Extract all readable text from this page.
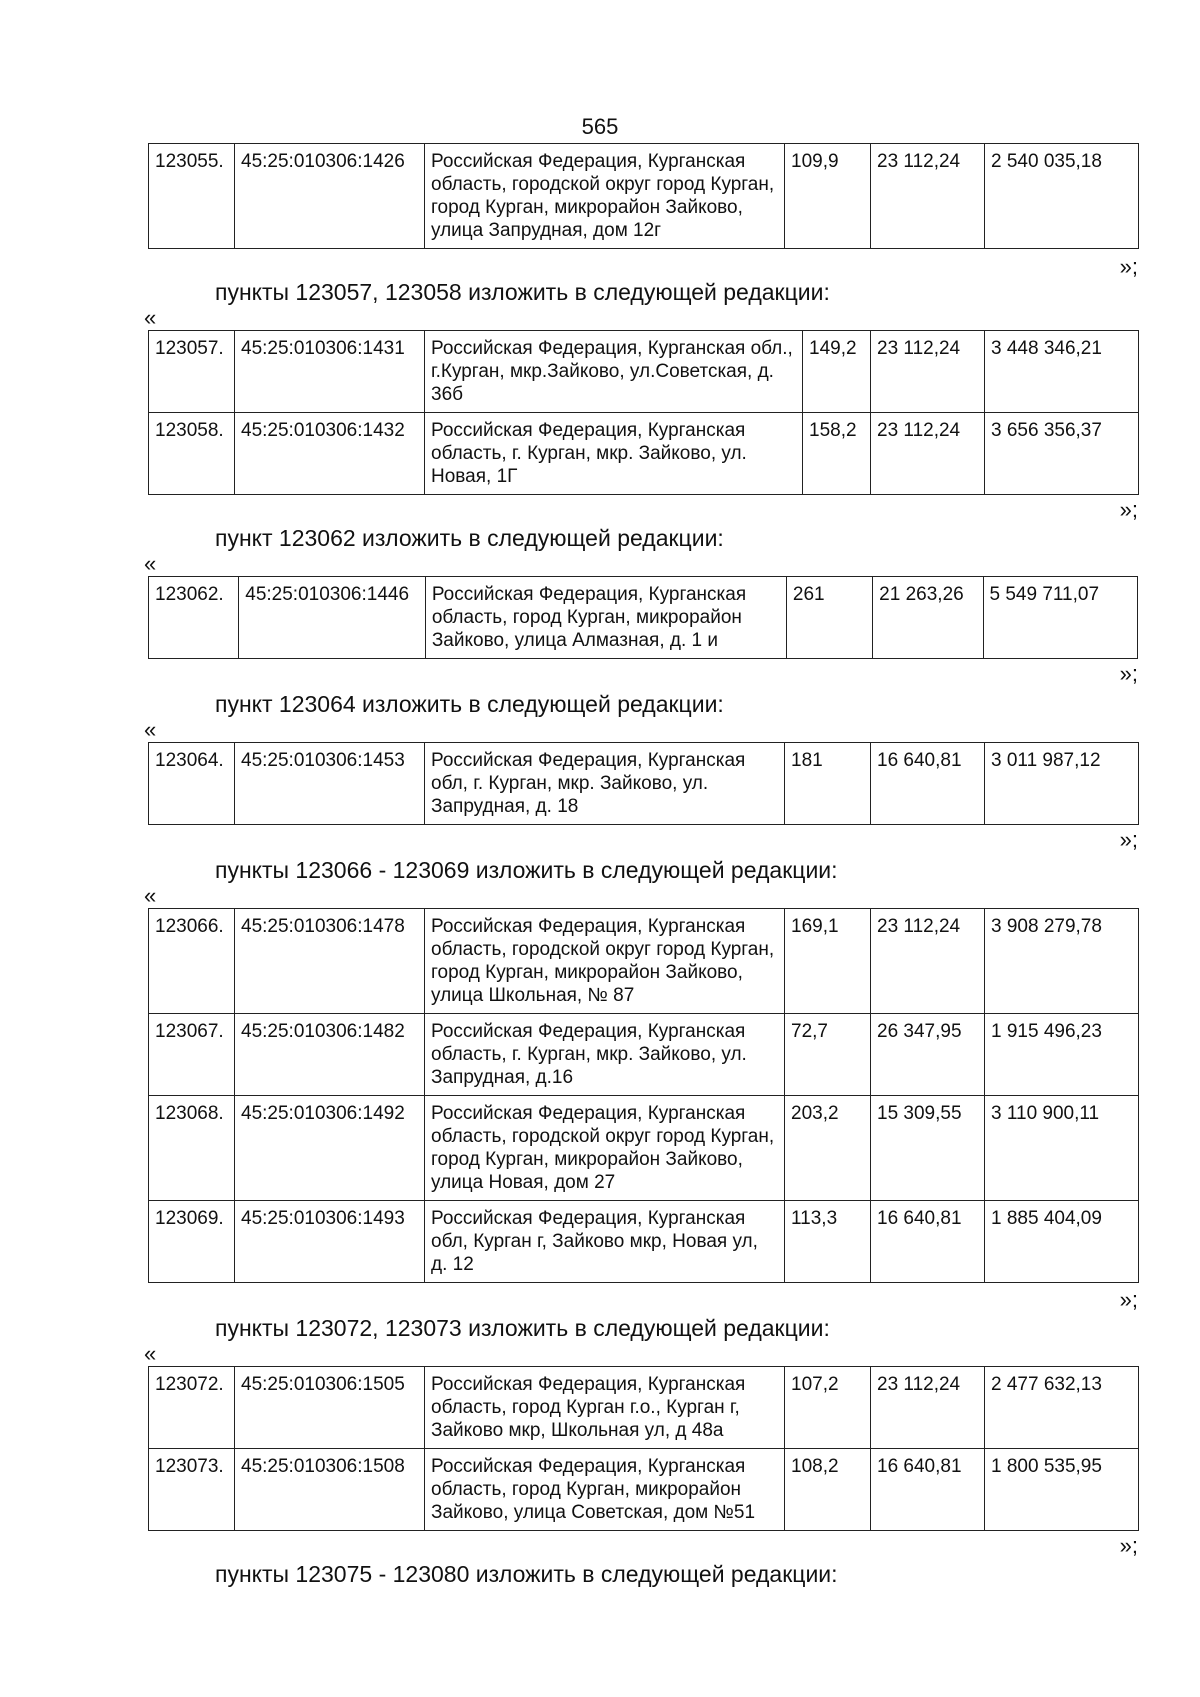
565
123055.	45:25:010306:1426	Российская Федерация, Курганская область, городской округ город Курган, город Курган, микрорайон Зайково, улица Запрудная, дом 12г	109,9	23 112,24	2 540 035,18
»;
пункты 123057, 123058 изложить в следующей редакции:
«
123057.	45:25:010306:1431	Российская Федерация, Курганская обл., г.Курган, мкр.Зайково, ул.Советская, д. 36б	149,2	23 112,24	3 448 346,21
123058.	45:25:010306:1432	Российская Федерация, Курганская область, г. Курган, мкр. Зайково, ул. Новая, 1Г	158,2	23 112,24	3 656 356,37
»;
пункт 123062 изложить в следующей редакции:
«
123062.	45:25:010306:1446	Российская Федерация, Курганская область, город Курган, микрорайон Зайково, улица Алмазная, д. 1 и	261	21 263,26	5 549 711,07
»;
пункт 123064 изложить в следующей редакции:
«
123064.	45:25:010306:1453	Российская Федерация, Курганская обл, г. Курган, мкр. Зайково, ул. Запрудная, д. 18	181	16 640,81	3 011 987,12
»;
пункты 123066 - 123069 изложить в следующей редакции:
«
123066.	45:25:010306:1478	Российская Федерация, Курганская область, городской округ город Курган, город Курган, микрорайон Зайково, улица Школьная, № 87	169,1	23 112,24	3 908 279,78
123067.	45:25:010306:1482	Российская Федерация, Курганская область, г. Курган, мкр. Зайково, ул. Запрудная, д.16	72,7	26 347,95	1 915 496,23
123068.	45:25:010306:1492	Российская Федерация, Курганская область, городской округ город Курган, город Курган, микрорайон Зайково, улица Новая, дом 27	203,2	15 309,55	3 110 900,11
123069.	45:25:010306:1493	Российская Федерация, Курганская обл, Курган г, Зайково мкр, Новая ул, д. 12	113,3	16 640,81	1 885 404,09
»;
пункты 123072, 123073 изложить в следующей редакции:
«
123072.	45:25:010306:1505	Российская Федерация, Курганская область, город Курган г.о., Курган г, Зайково мкр, Школьная ул, д 48а	107,2	23 112,24	2 477 632,13
123073.	45:25:010306:1508	Российская Федерация, Курганская область, город Курган, микрорайон Зайково, улица Советская, дом №51	108,2	16 640,81	1 800 535,95
»;
пункты 123075 - 123080 изложить в следующей редакции:
